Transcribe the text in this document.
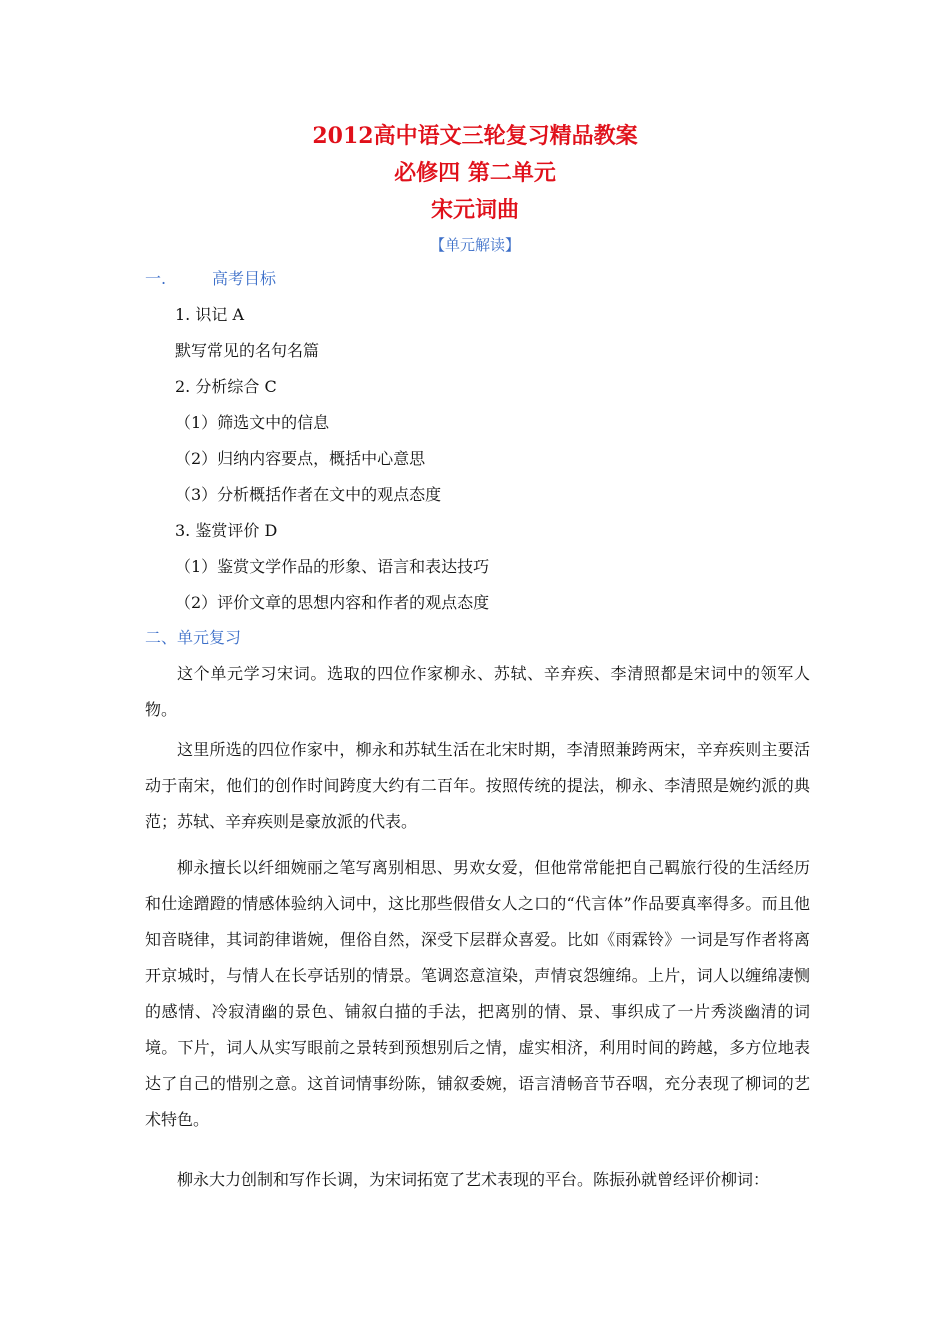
2012高中语文三轮复习精品教案
必修四 第二单元
宋元词曲
【单元解读】
一.	高考目标
1. 识记 A
默写常见的名句名篇
2. 分析综合 C
（1）筛选文中的信息
（2）归纳内容要点，概括中心意思
（3）分析概括作者在文中的观点态度
3. 鉴赏评价 D
（1）鉴赏文学作品的形象、语言和表达技巧
（2）评价文章的思想内容和作者的观点态度
二、单元复习
这个单元学习宋词。选取的四位作家柳永、苏轼、辛弃疾、李清照都是宋词中的领军人物。
这里所选的四位作家中，柳永和苏轼生活在北宋时期，李清照兼跨两宋，辛弃疾则主要活动于南宋，他们的创作时间跨度大约有二百年。按照传统的提法，柳永、李清照是婉约派的典范；苏轼、辛弃疾则是豪放派的代表。
柳永擅长以纤细婉丽之笔写离别相思、男欢女爱，但他常常能把自己羁旅行役的生活经历和仕途蹭蹬的情感体验纳入词中，这比那些假借女人之口的“代言体”作品要真率得多。而且他知音晓律，其词韵律谐婉，俚俗自然，深受下层群众喜爱。比如《雨霖铃》一词是写作者将离开京城时，与情人在长亭话别的情景。笔调恣意渲染，声情哀怨缠绵。上片，词人以缠绵凄恻的感情、冷寂清幽的景色、铺叙白描的手法，把离别的情、景、事织成了一片秀淡幽清的词境。下片，词人从实写眼前之景转到预想别后之情，虚实相济，利用时间的跨越，多方位地表达了自己的惜别之意。这首词情事纷陈，铺叙委婉，语言清畅音节吞咽，充分表现了柳词的艺术特色。
柳永大力创制和写作长调，为宋词拓宽了艺术表现的平台。陈振孙就曾经评价柳词：
